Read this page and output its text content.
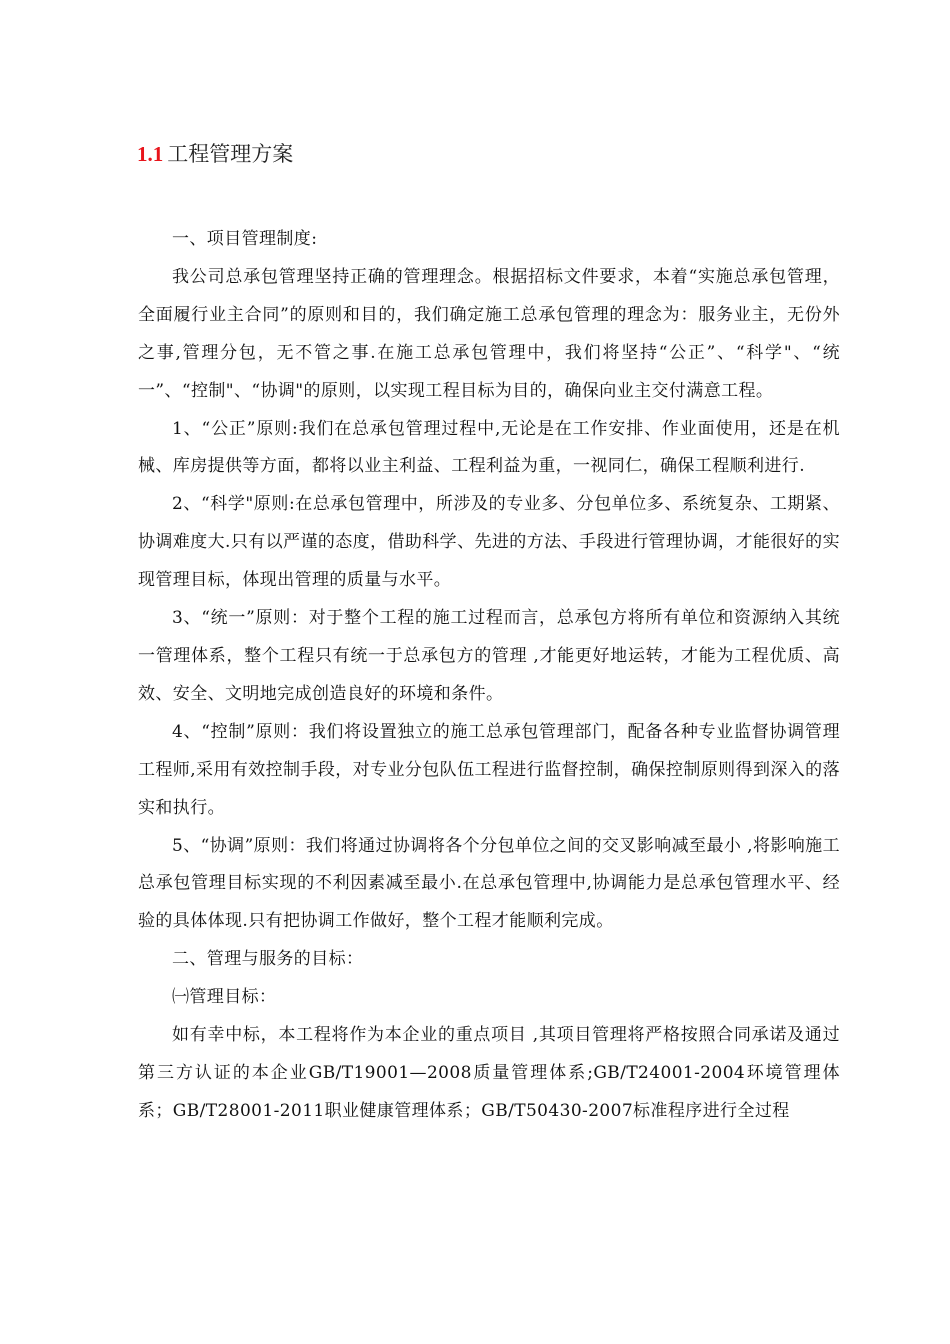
1.1 工程管理方案

一、项目管理制度:

我公司总承包管理坚持正确的管理理念。根据招标文件要求，本着“实施总承包管理，全面履行业主合同”的原则和目的，我们确定施工总承包管理的理念为：服务业主，无份外之事,管理分包，无不管之事.在施工总承包管理中，我们将坚持“公正”、“科学"、“统一”、“控制"、“协调"的原则，以实现工程目标为目的，确保向业主交付满意工程。

1、“公正”原则:我们在总承包管理过程中,无论是在工作安排、作业面使用，还是在机械、库房提供等方面，都将以业主利益、工程利益为重，一视同仁，确保工程顺利进行.

2、“科学"原则:在总承包管理中，所涉及的专业多、分包单位多、系统复杂、工期紧、协调难度大.只有以严谨的态度，借助科学、先进的方法、手段进行管理协调，才能很好的实现管理目标，体现出管理的质量与水平。

3、“统一”原则：对于整个工程的施工过程而言，总承包方将所有单位和资源纳入其统一管理体系，整个工程只有统一于总承包方的管理 ,才能更好地运转，才能为工程优质、高效、安全、文明地完成创造良好的环境和条件。

4、“控制”原则：我们将设置独立的施工总承包管理部门，配备各种专业监督协调管理工程师,采用有效控制手段，对专业分包队伍工程进行监督控制，确保控制原则得到深入的落实和执行。

5、“协调”原则：我们将通过协调将各个分包单位之间的交叉影响减至最小 ,将影响施工总承包管理目标实现的不利因素减至最小.在总承包管理中,协调能力是总承包管理水平、经验的具体体现.只有把协调工作做好，整个工程才能顺利完成。

二、管理与服务的目标：

㈠管理目标：

如有幸中标，本工程将作为本企业的重点项目 ,其项目管理将严格按照合同承诺及通过第三方认证的本企业GB/T19001—2008质量管理体系;GB/T24001-2004环境管理体系；GB/T28001-2011职业健康管理体系；GB/T50430-2007标准程序进行全过程
